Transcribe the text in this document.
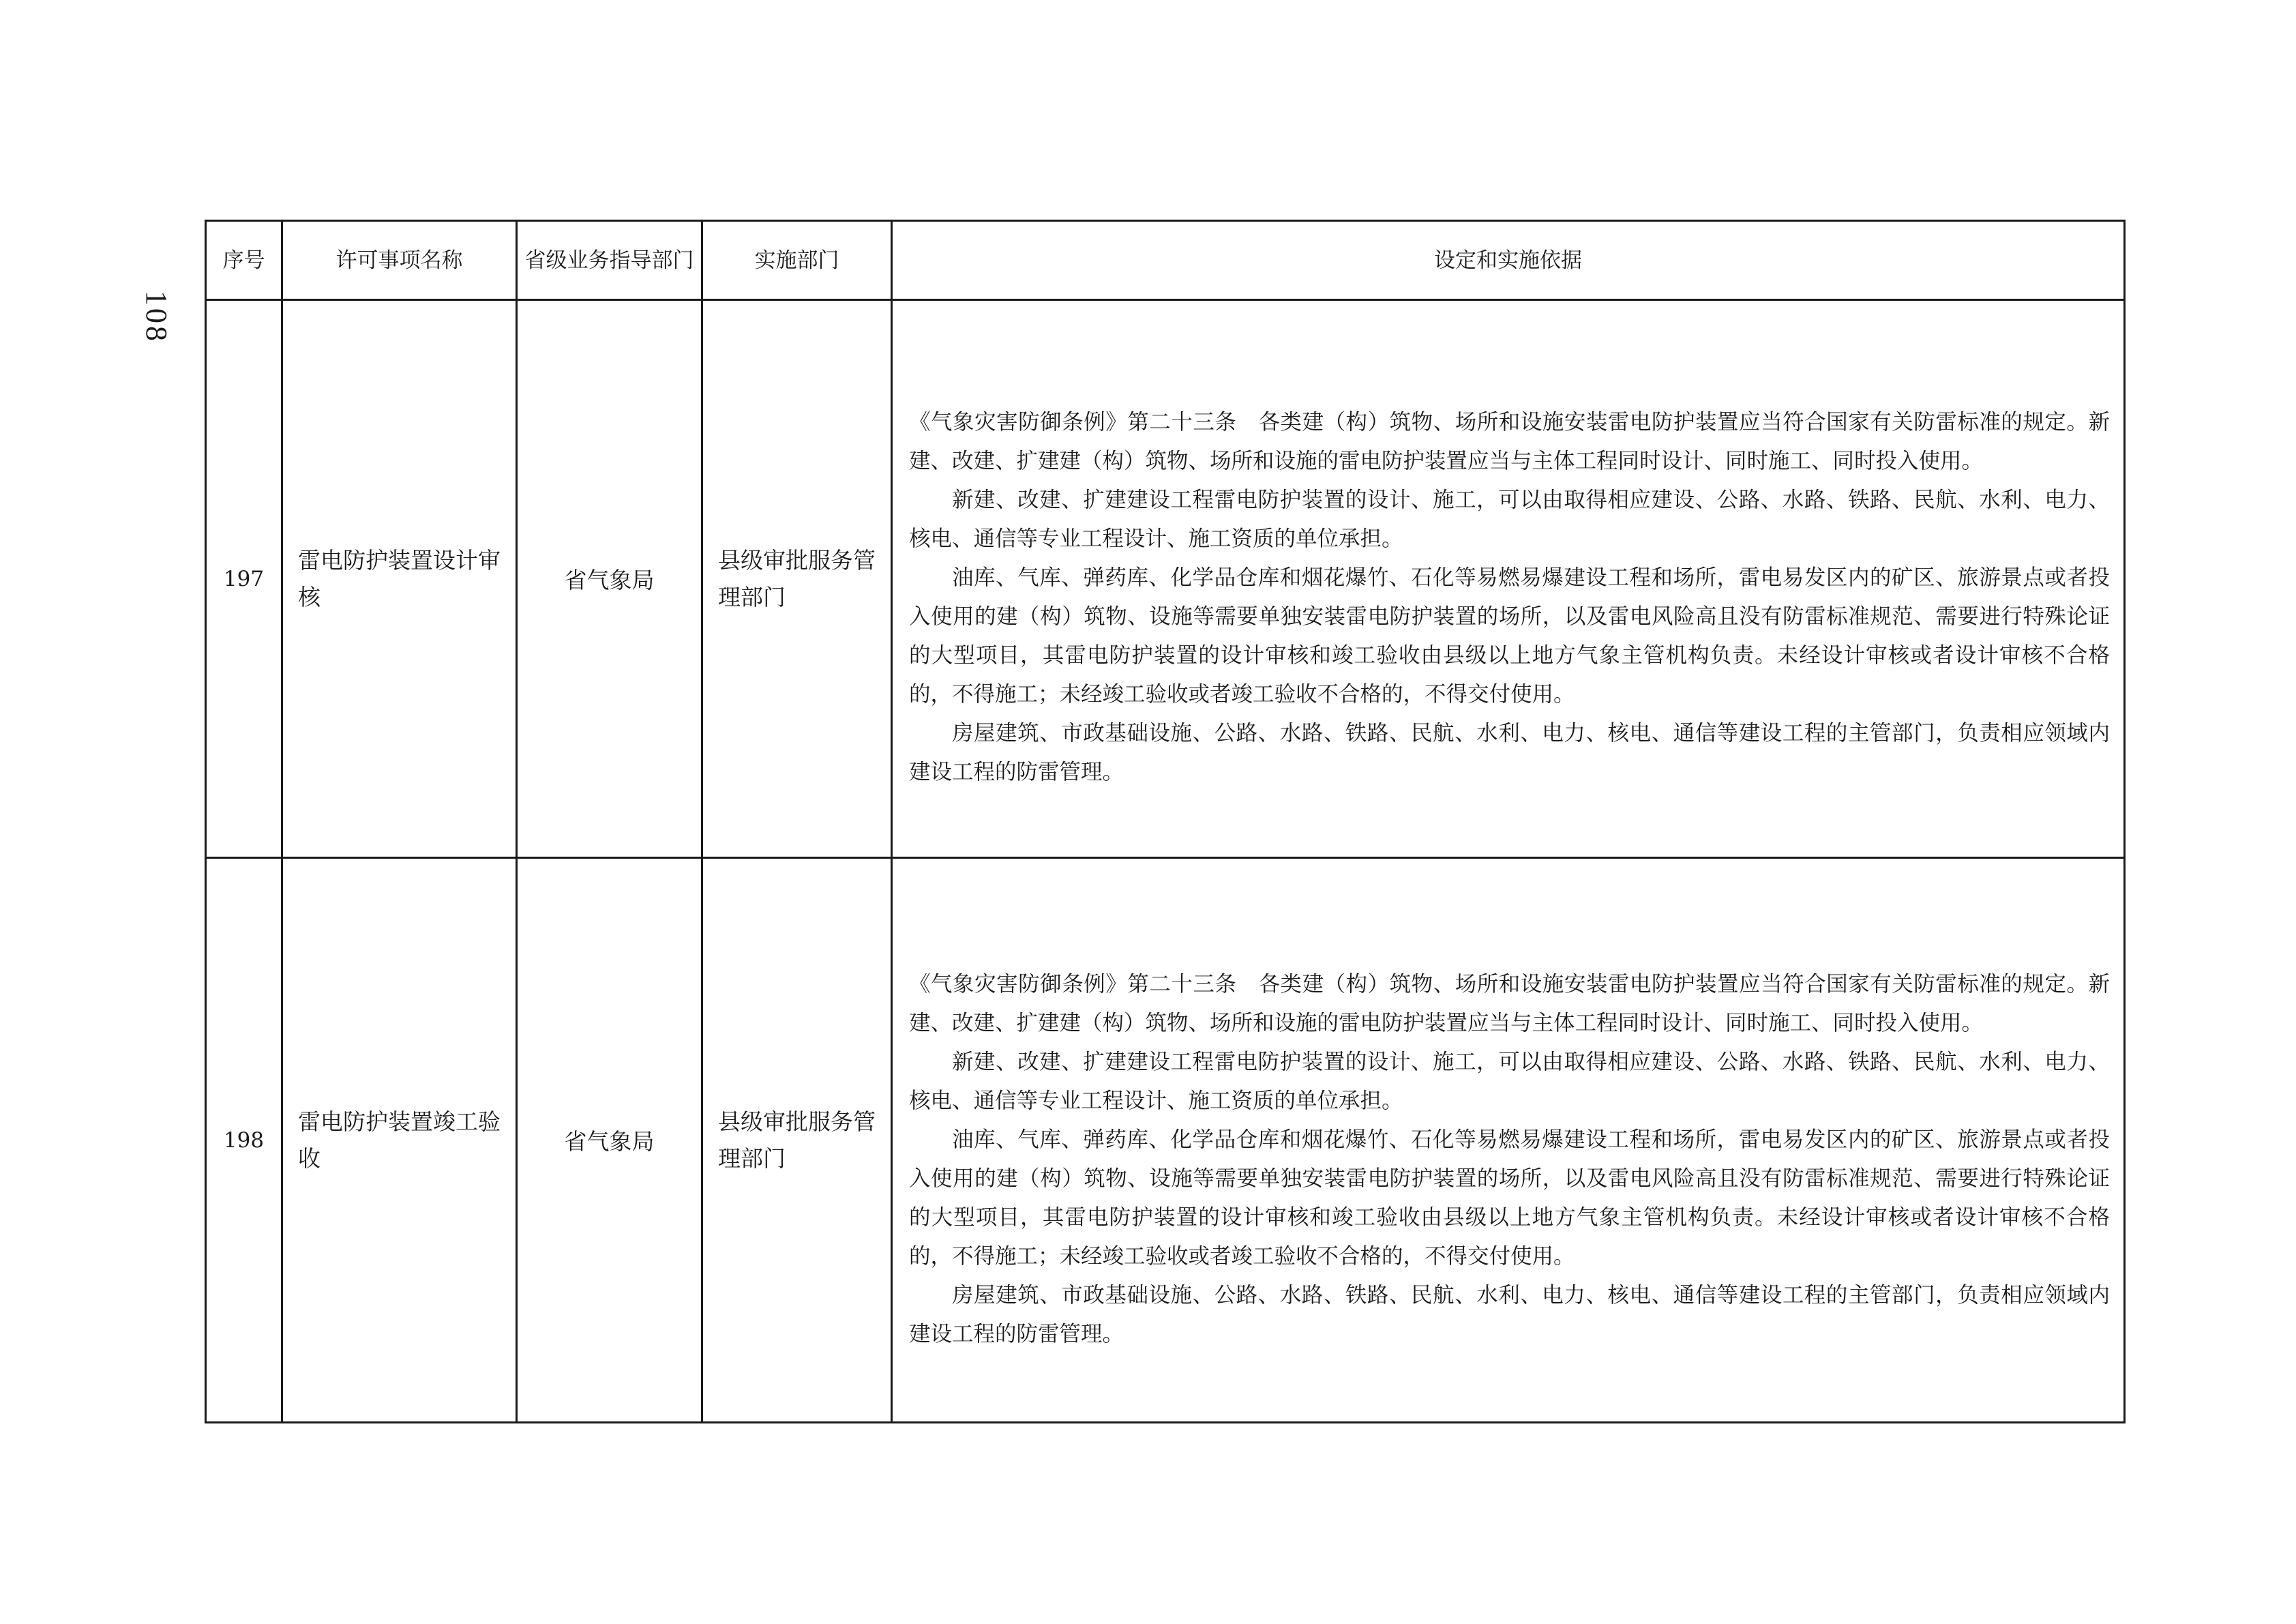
108
序号	许可事项名称	省级业务指导部门	实施部门	设定和实施依据
197	雷电防护装置设计审核	省气象局	县级审批服务管理部门	《气象灾害防御条例》第二十三条　各类建（构）筑物、场所和设施安装雷电防护装置应当符合国家有关防雷标准的规定。新建、改建、扩建建（构）筑物、场所和设施的雷电防护装置应当与主体工程同时设计、同时施工、同时投入使用。

新建、改建、扩建建设工程雷电防护装置的设计、施工，可以由取得相应建设、公路、水路、铁路、民航、水利、电力、核电、通信等专业工程设计、施工资质的单位承担。

油库、气库、弹药库、化学品仓库和烟花爆竹、石化等易燃易爆建设工程和场所，雷电易发区内的矿区、旅游景点或者投入使用的建（构）筑物、设施等需要单独安装雷电防护装置的场所，以及雷电风险高且没有防雷标准规范、需要进行特殊论证的大型项目，其雷电防护装置的设计审核和竣工验收由县级以上地方气象主管机构负责。未经设计审核或者设计审核不合格的，不得施工；未经竣工验收或者竣工验收不合格的，不得交付使用。

房屋建筑、市政基础设施、公路、水路、铁路、民航、水利、电力、核电、通信等建设工程的主管部门，负责相应领域内建设工程的防雷管理。

198	雷电防护装置竣工验收	省气象局	县级审批服务管理部门	《气象灾害防御条例》第二十三条　各类建（构）筑物、场所和设施安装雷电防护装置应当符合国家有关防雷标准的规定。新建、改建、扩建建（构）筑物、场所和设施的雷电防护装置应当与主体工程同时设计、同时施工、同时投入使用。

新建、改建、扩建建设工程雷电防护装置的设计、施工，可以由取得相应建设、公路、水路、铁路、民航、水利、电力、核电、通信等专业工程设计、施工资质的单位承担。

油库、气库、弹药库、化学品仓库和烟花爆竹、石化等易燃易爆建设工程和场所，雷电易发区内的矿区、旅游景点或者投入使用的建（构）筑物、设施等需要单独安装雷电防护装置的场所，以及雷电风险高且没有防雷标准规范、需要进行特殊论证的大型项目，其雷电防护装置的设计审核和竣工验收由县级以上地方气象主管机构负责。未经设计审核或者设计审核不合格的，不得施工；未经竣工验收或者竣工验收不合格的，不得交付使用。

房屋建筑、市政基础设施、公路、水路、铁路、民航、水利、电力、核电、通信等建设工程的主管部门，负责相应领域内建设工程的防雷管理。
